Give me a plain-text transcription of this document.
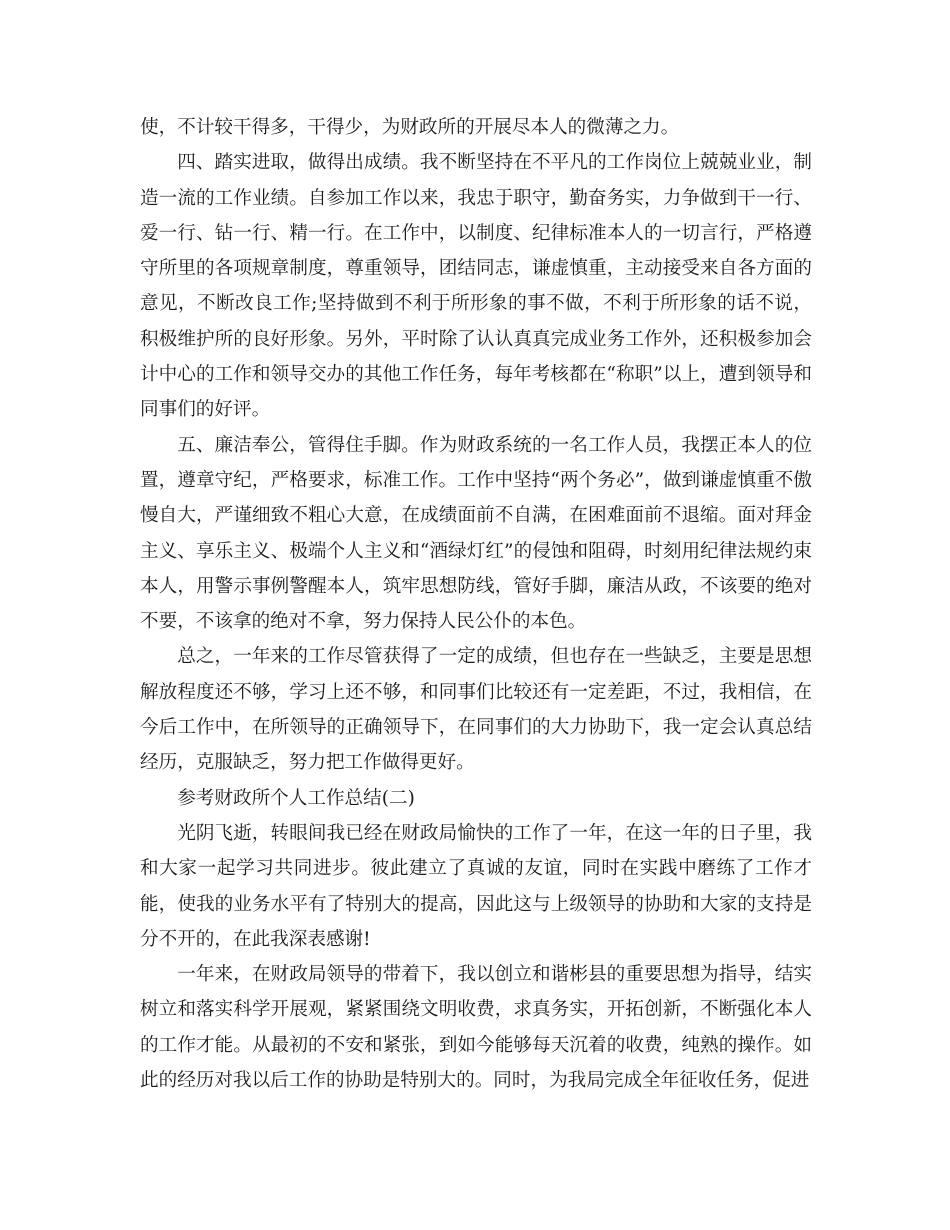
使，不计较干得多，干得少，为财政所的开展尽本人的微薄之力。

四、踏实进取，做得出成绩。我不断坚持在不平凡的工作岗位上兢兢业业，制造一流的工作业绩。自参加工作以来，我忠于职守，勤奋务实，力争做到干一行、爱一行、钻一行、精一行。在工作中，以制度、纪律标准本人的一切言行，严格遵守所里的各项规章制度，尊重领导，团结同志，谦虚慎重，主动接受来自各方面的意见，不断改良工作;坚持做到不利于所形象的事不做，不利于所形象的话不说，积极维护所的良好形象。另外，平时除了认认真真完成业务工作外，还积极参加会计中心的工作和领导交办的其他工作任务，每年考核都在“称职”以上，遭到领导和同事们的好评。

五、廉洁奉公，管得住手脚。作为财政系统的一名工作人员，我摆正本人的位置，遵章守纪，严格要求，标准工作。工作中坚持“两个务必”，做到谦虚慎重不傲慢自大，严谨细致不粗心大意，在成绩面前不自满，在困难面前不退缩。面对拜金主义、享乐主义、极端个人主义和“酒绿灯红”的侵蚀和阻碍，时刻用纪律法规约束本人，用警示事例警醒本人，筑牢思想防线，管好手脚，廉洁从政，不该要的绝对不要，不该拿的绝对不拿，努力保持人民公仆的本色。

总之，一年来的工作尽管获得了一定的成绩，但也存在一些缺乏，主要是思想解放程度还不够，学习上还不够，和同事们比较还有一定差距，不过，我相信，在今后工作中，在所领导的正确领导下，在同事们的大力协助下，我一定会认真总结经历，克服缺乏，努力把工作做得更好。

参考财政所个人工作总结(二)

光阴飞逝，转眼间我已经在财政局愉快的工作了一年，在这一年的日子里，我和大家一起学习共同进步。彼此建立了真诚的友谊，同时在实践中磨练了工作才能，使我的业务水平有了特别大的提高，因此这与上级领导的协助和大家的支持是分不开的，在此我深表感谢!

一年来，在财政局领导的带着下，我以创立和谐彬县的重要思想为指导，结实树立和落实科学开展观，紧紧围绕文明收费，求真务实，开拓创新，不断强化本人的工作才能。从最初的不安和紧张，到如今能够每天沉着的收费，纯熟的操作。如此的经历对我以后工作的协助是特别大的。同时，为我局完成全年征收任务，促进
